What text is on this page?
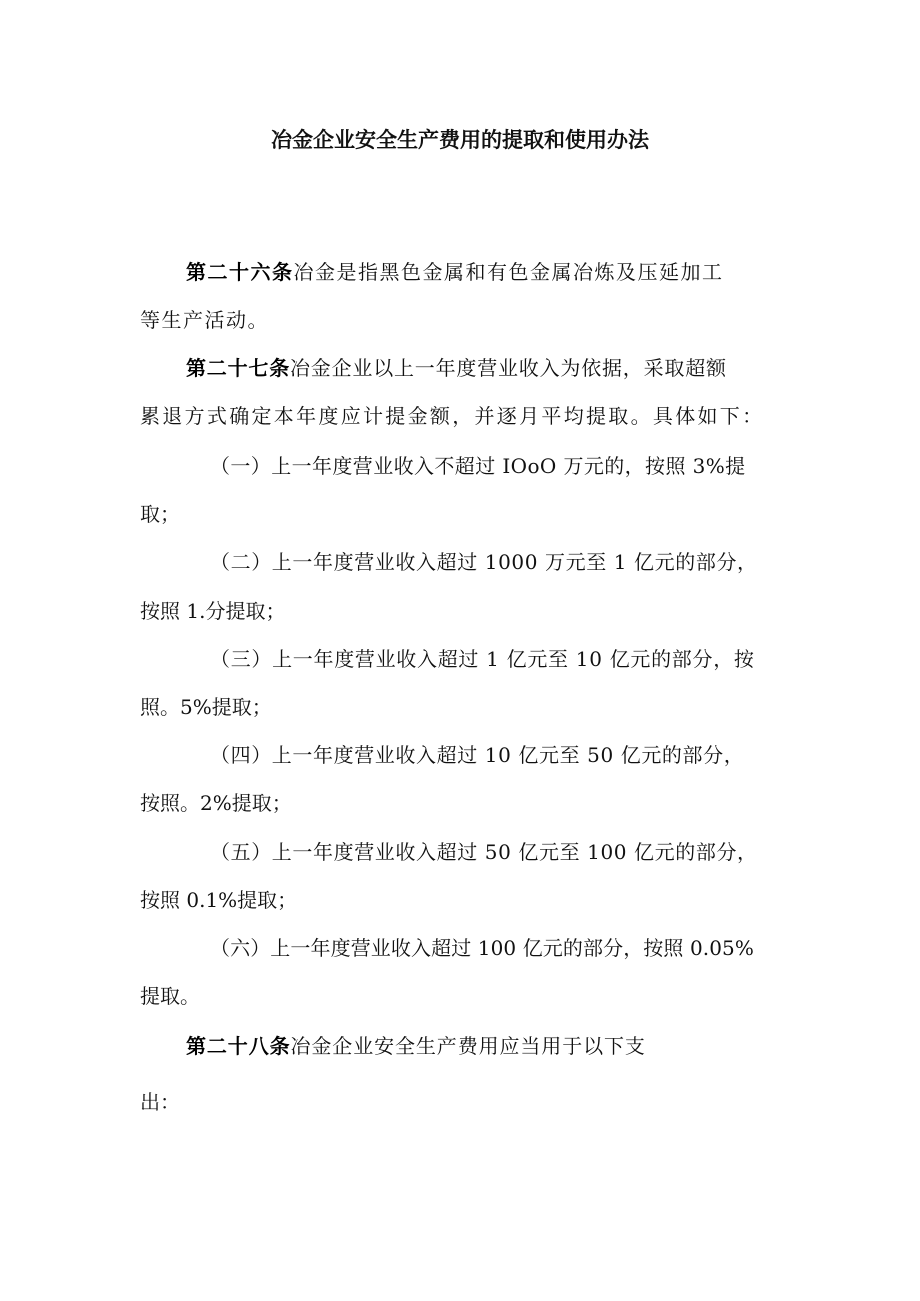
冶金企业安全生产费用的提取和使用办法

第二十六条冶金是指黑色金属和有色金属冶炼及压延加工

等生产活动。

第二十七条冶金企业以上一年度营业收入为依据，采取超额

累退方式确定本年度应计提金额，并逐月平均提取。具体如下：

（一）上一年度营业收入不超过 IOoO 万元的，按照 3%提

取；

（二）上一年度营业收入超过 1000 万元至 1 亿元的部分，

按照 1.分提取；

（三）上一年度营业收入超过 1 亿元至 10 亿元的部分，按

照。5%提取；

（四）上一年度营业收入超过 10 亿元至 50 亿元的部分，

按照。2%提取；

（五）上一年度营业收入超过 50 亿元至 100 亿元的部分，

按照 0.1%提取；

（六）上一年度营业收入超过 100 亿元的部分，按照 0.05%

提取。

第二十八条冶金企业安全生产费用应当用于以下支

出：
